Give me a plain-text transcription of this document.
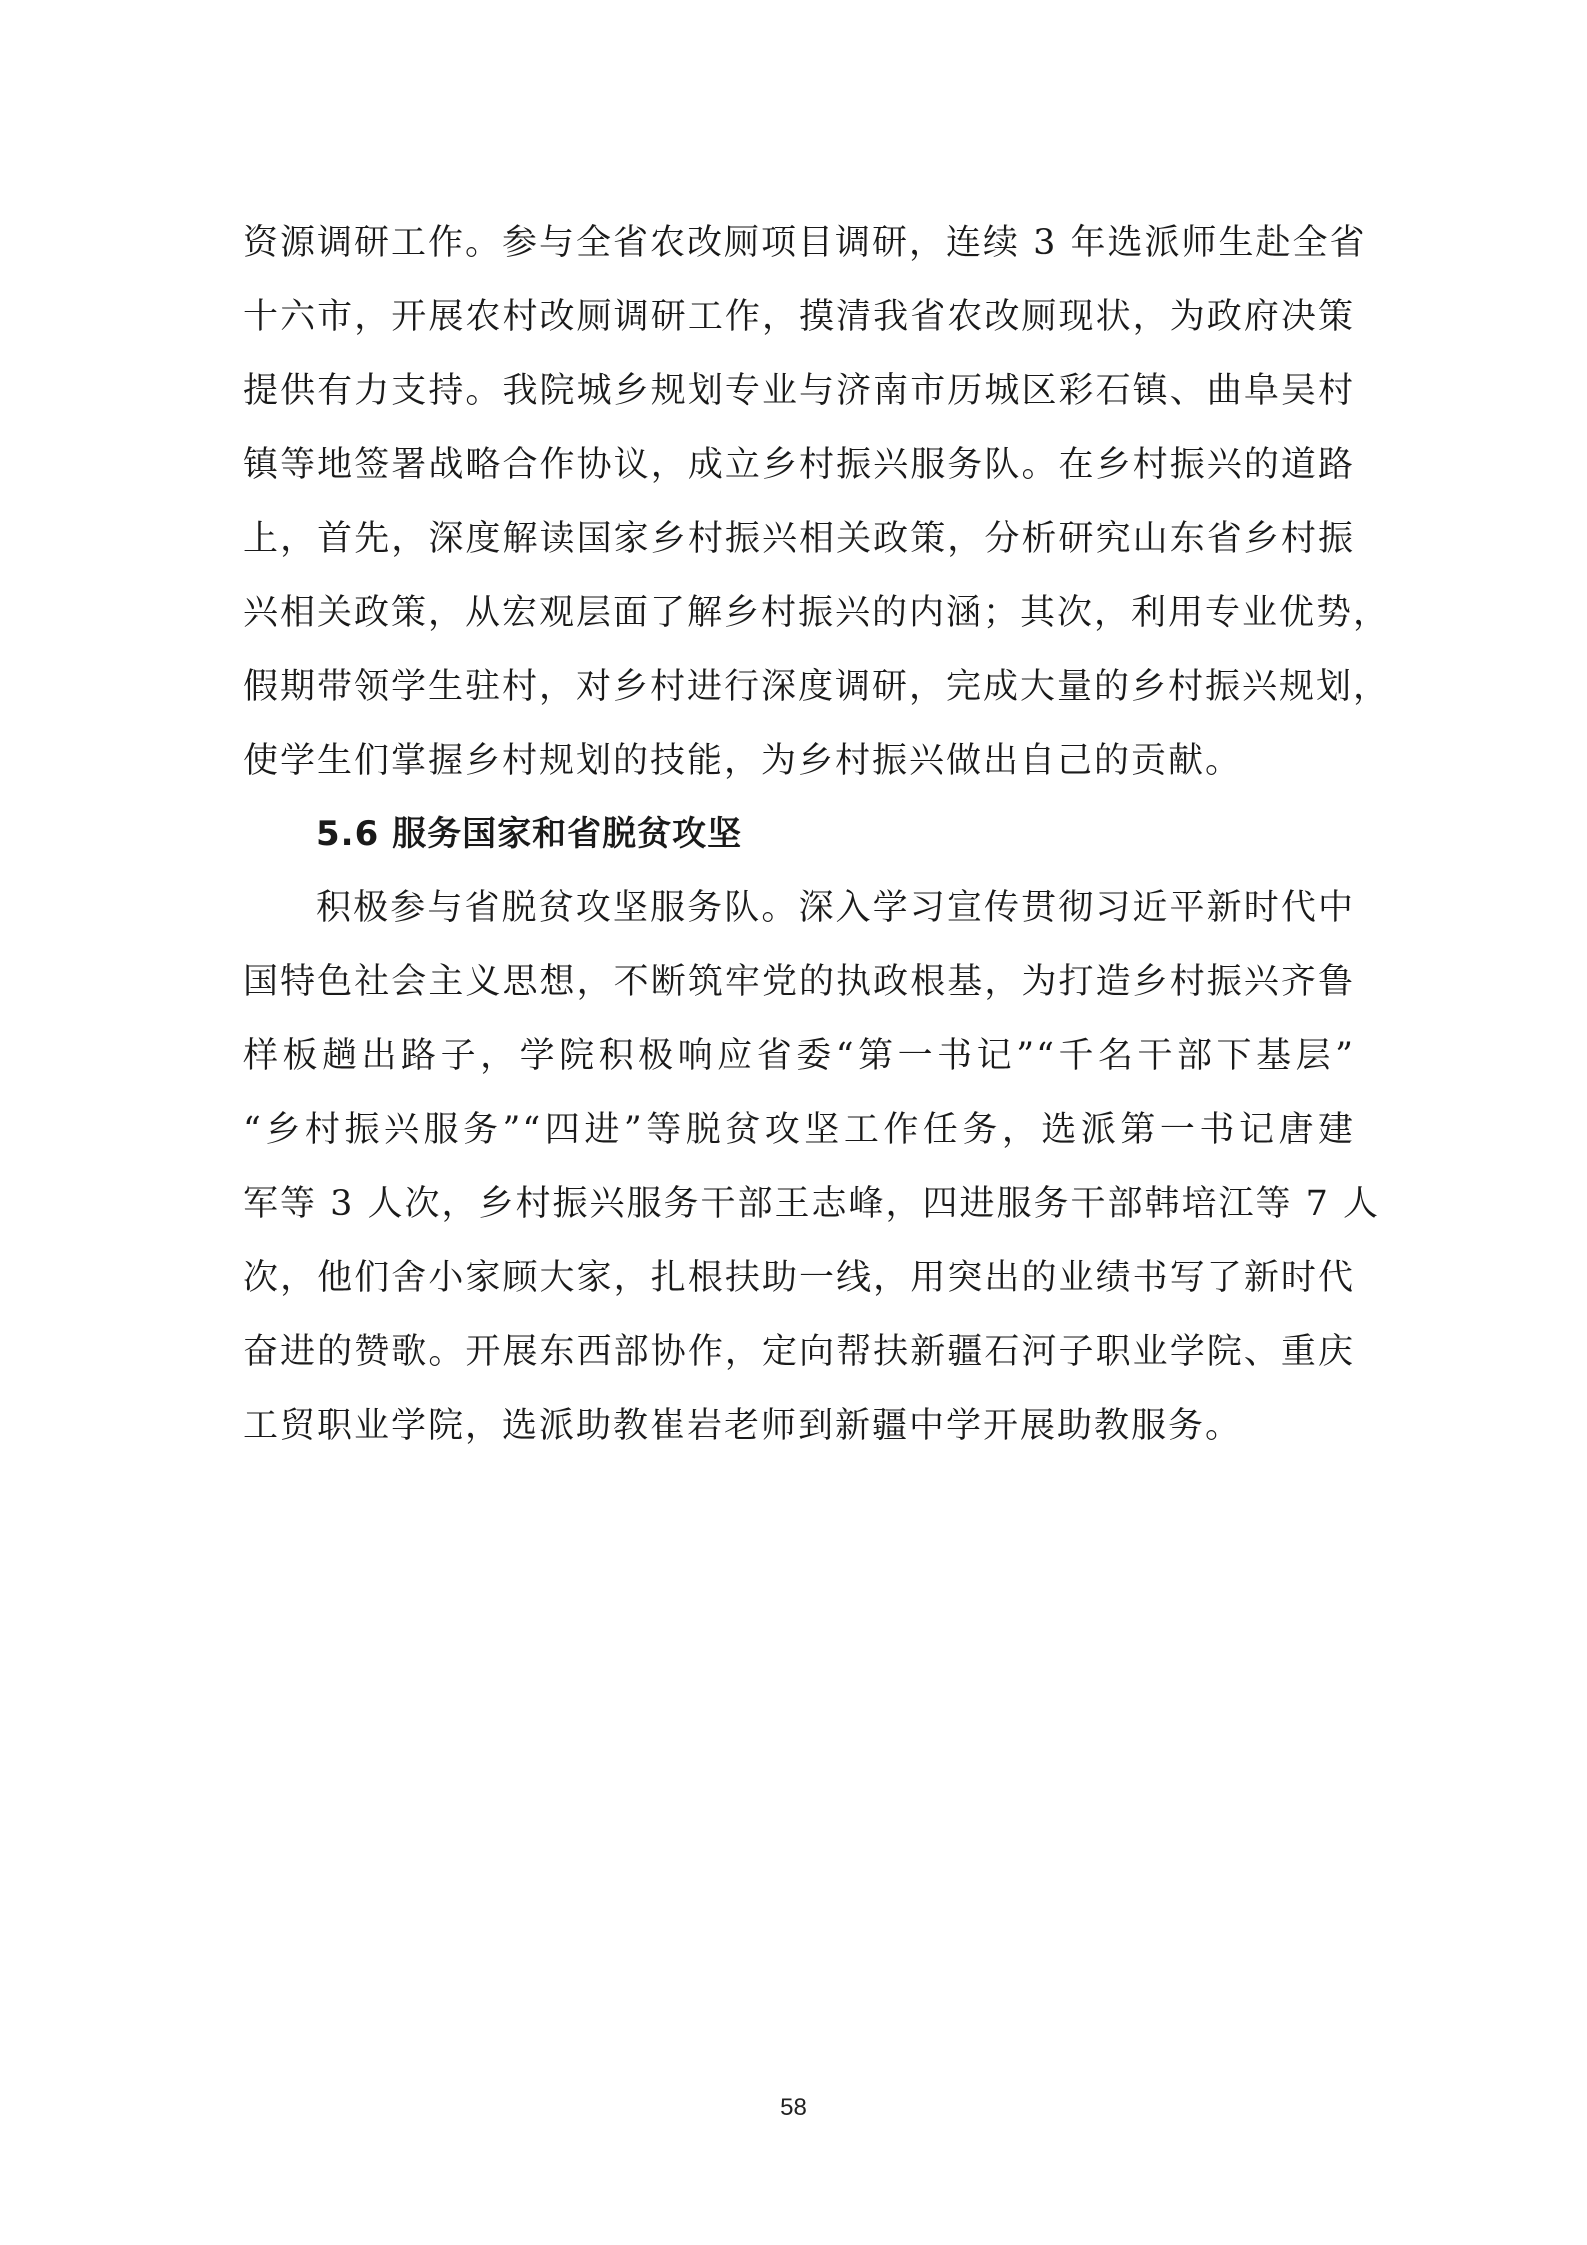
资源调研工作。参与全省农改厕项目调研，连续 3 年选派师生赴全省
十六市，开展农村改厕调研工作，摸清我省农改厕现状，为政府决策
提供有力支持。我院城乡规划专业与济南市历城区彩石镇、曲阜吴村
镇等地签署战略合作协议，成立乡村振兴服务队。在乡村振兴的道路
上，首先，深度解读国家乡村振兴相关政策，分析研究山东省乡村振
兴相关政策，从宏观层面了解乡村振兴的内涵；其次，利用专业优势，
假期带领学生驻村，对乡村进行深度调研，完成大量的乡村振兴规划，
使学生们掌握乡村规划的技能，为乡村振兴做出自己的贡献。
5.6 服务国家和省脱贫攻坚
积极参与省脱贫攻坚服务队。深入学习宣传贯彻习近平新时代中
国特色社会主义思想，不断筑牢党的执政根基，为打造乡村振兴齐鲁
样板趟出路子，学院积极响应省委“第一书记”“千名干部下基层”
“乡村振兴服务”“四进”等脱贫攻坚工作任务，选派第一书记唐建
军等 3 人次，乡村振兴服务干部王志峰，四进服务干部韩培江等 7 人
次，他们舍小家顾大家，扎根扶助一线，用突出的业绩书写了新时代
奋进的赞歌。开展东西部协作，定向帮扶新疆石河子职业学院、重庆
工贸职业学院，选派助教崔岩老师到新疆中学开展助教服务。
58
